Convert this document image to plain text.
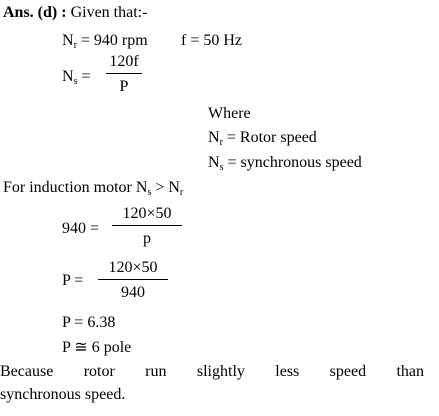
Ans. (d) : Given that:-
$N_r = 940$ rpm f = 50 Hz
$N_s = \frac{120f}{P}$
Where
$N_r$ = Rotor speed
$N_s$ = synchronous speed
For induction motor $N_s > N_r$
$940 = \frac{120\times 50}{p}$
$P = \frac{120\times 50}{940}$
P = 6.38
P ≅ 6 pole
Because rotor run slightly less speed than
synchronous speed.
